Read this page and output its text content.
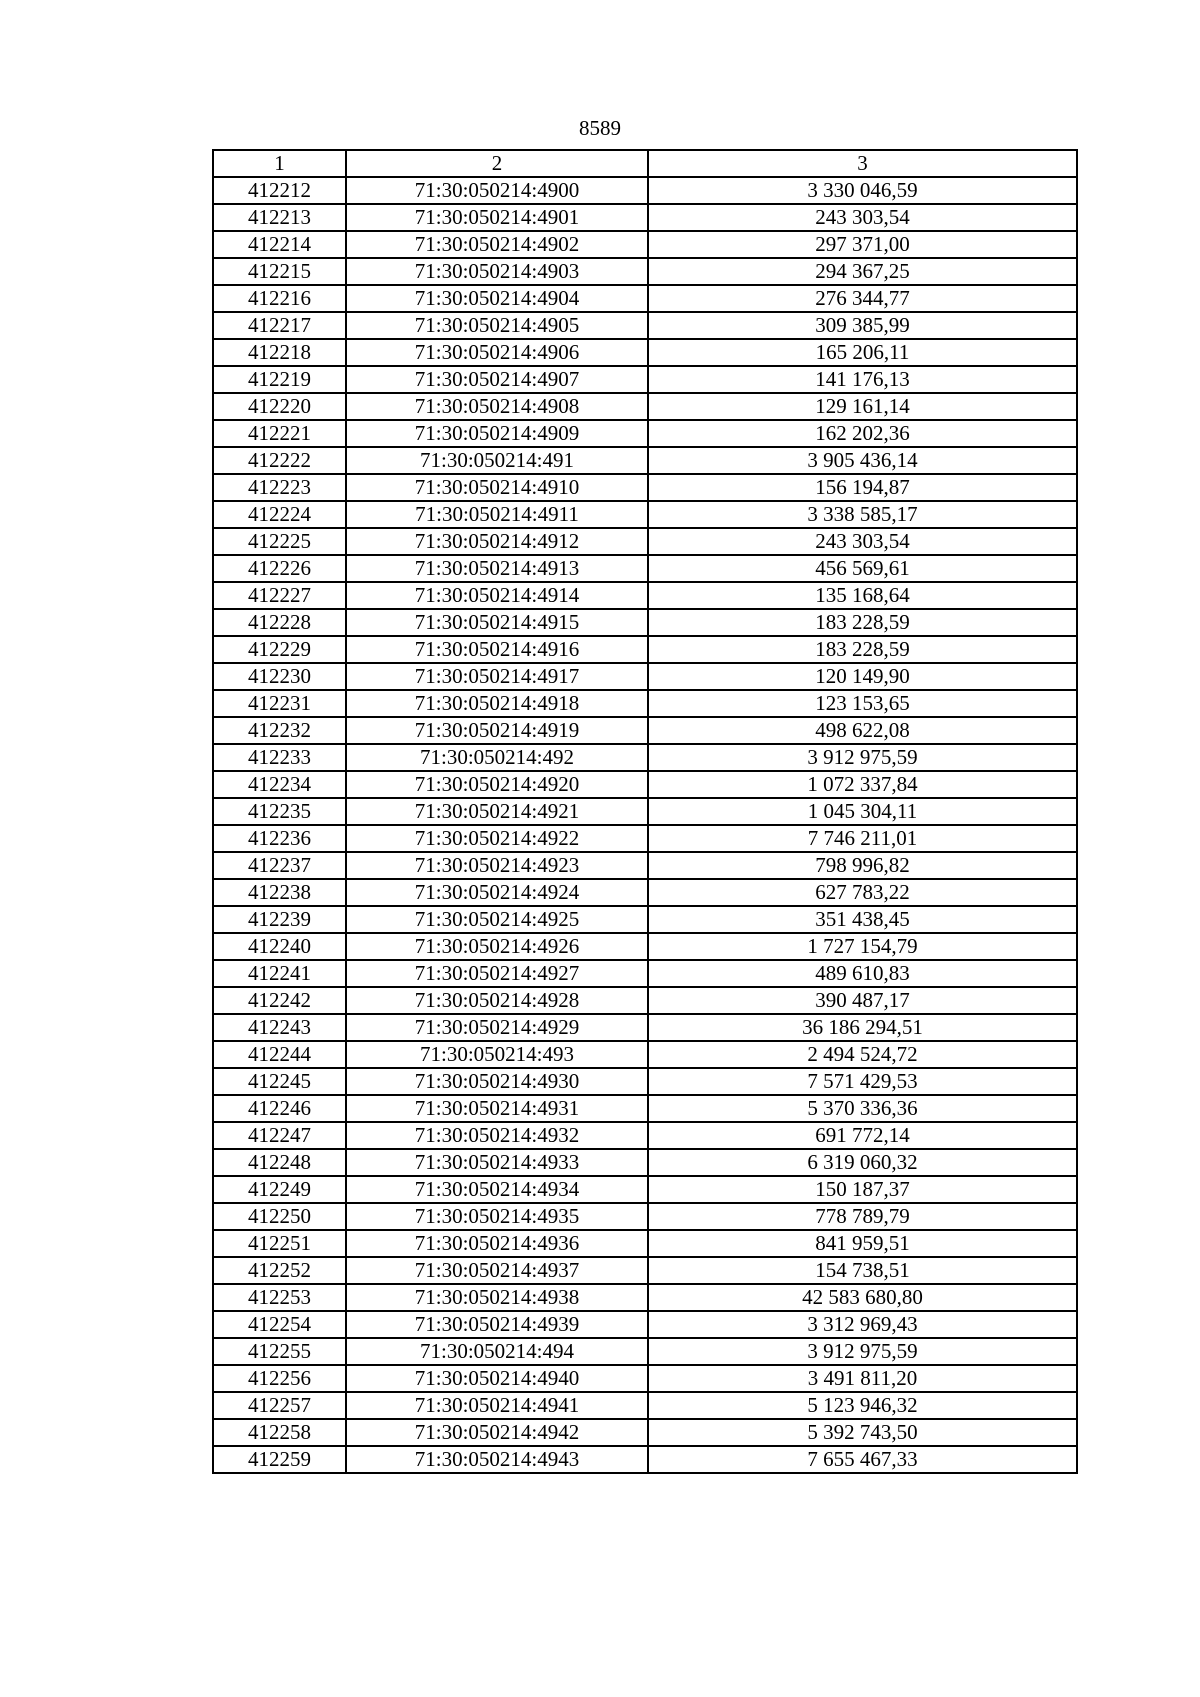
8589
1	2	3
412212	71:30:050214:4900	3 330 046,59
412213	71:30:050214:4901	243 303,54
412214	71:30:050214:4902	297 371,00
412215	71:30:050214:4903	294 367,25
412216	71:30:050214:4904	276 344,77
412217	71:30:050214:4905	309 385,99
412218	71:30:050214:4906	165 206,11
412219	71:30:050214:4907	141 176,13
412220	71:30:050214:4908	129 161,14
412221	71:30:050214:4909	162 202,36
412222	71:30:050214:491	3 905 436,14
412223	71:30:050214:4910	156 194,87
412224	71:30:050214:4911	3 338 585,17
412225	71:30:050214:4912	243 303,54
412226	71:30:050214:4913	456 569,61
412227	71:30:050214:4914	135 168,64
412228	71:30:050214:4915	183 228,59
412229	71:30:050214:4916	183 228,59
412230	71:30:050214:4917	120 149,90
412231	71:30:050214:4918	123 153,65
412232	71:30:050214:4919	498 622,08
412233	71:30:050214:492	3 912 975,59
412234	71:30:050214:4920	1 072 337,84
412235	71:30:050214:4921	1 045 304,11
412236	71:30:050214:4922	7 746 211,01
412237	71:30:050214:4923	798 996,82
412238	71:30:050214:4924	627 783,22
412239	71:30:050214:4925	351 438,45
412240	71:30:050214:4926	1 727 154,79
412241	71:30:050214:4927	489 610,83
412242	71:30:050214:4928	390 487,17
412243	71:30:050214:4929	36 186 294,51
412244	71:30:050214:493	2 494 524,72
412245	71:30:050214:4930	7 571 429,53
412246	71:30:050214:4931	5 370 336,36
412247	71:30:050214:4932	691 772,14
412248	71:30:050214:4933	6 319 060,32
412249	71:30:050214:4934	150 187,37
412250	71:30:050214:4935	778 789,79
412251	71:30:050214:4936	841 959,51
412252	71:30:050214:4937	154 738,51
412253	71:30:050214:4938	42 583 680,80
412254	71:30:050214:4939	3 312 969,43
412255	71:30:050214:494	3 912 975,59
412256	71:30:050214:4940	3 491 811,20
412257	71:30:050214:4941	5 123 946,32
412258	71:30:050214:4942	5 392 743,50
412259	71:30:050214:4943	7 655 467,33
